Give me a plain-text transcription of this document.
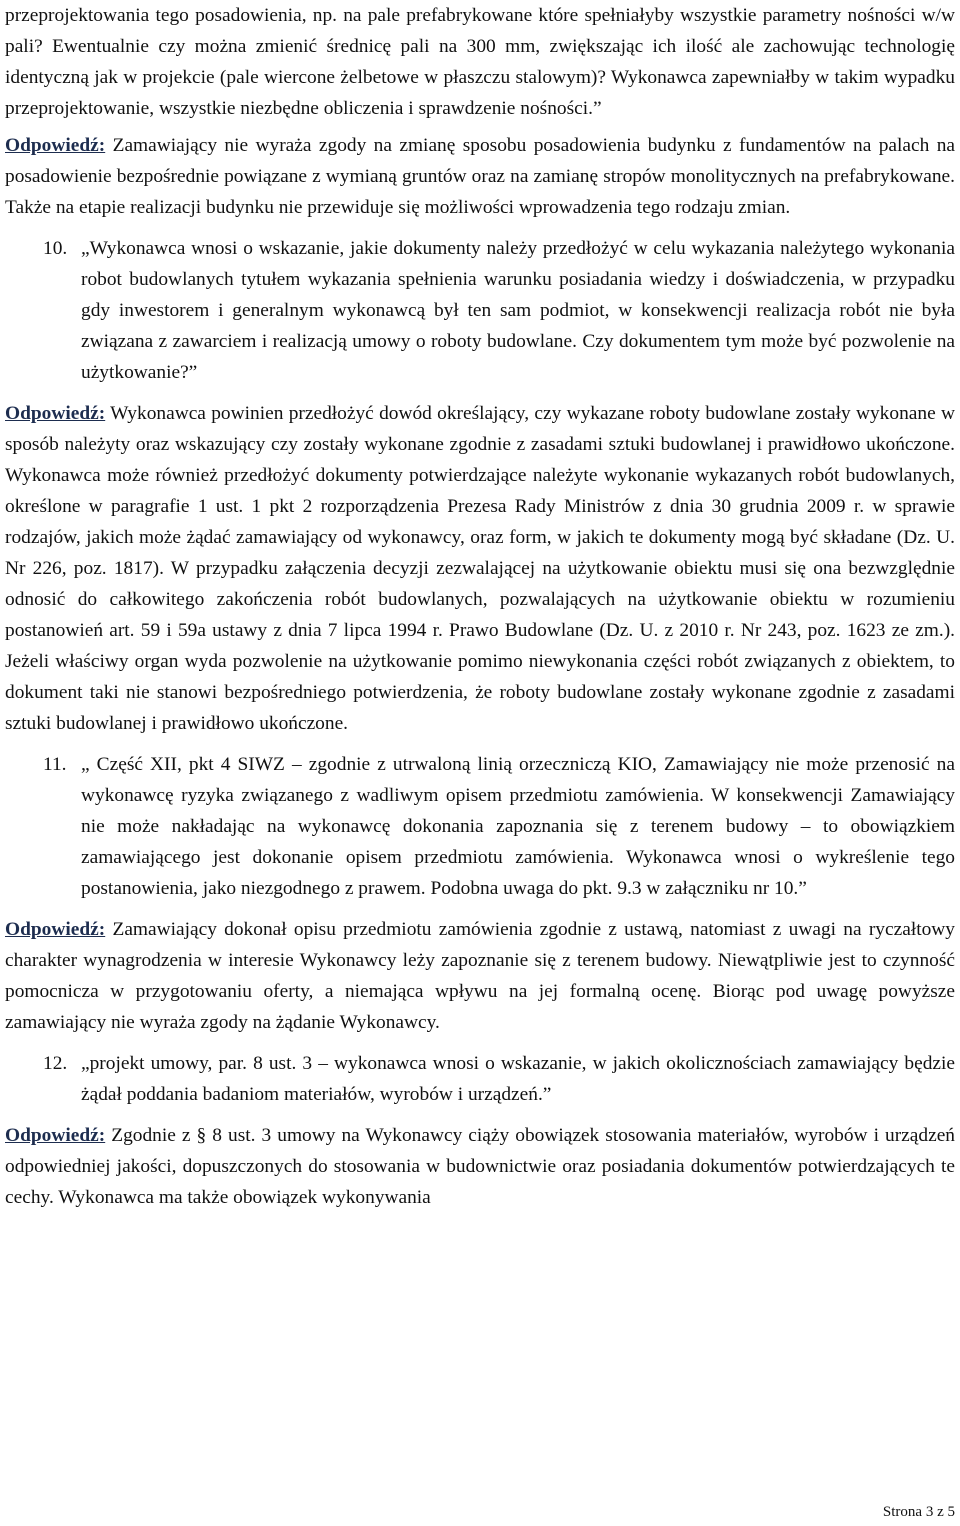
przeprojektowania tego posadowienia, np. na pale prefabrykowane które spełniałyby wszystkie parametry nośności w/w pali? Ewentualnie czy można zmienić średnicę pali na 300 mm, zwiększając ich ilość ale zachowując technologię identyczną jak w projekcie (pale wiercone żelbetowe w płaszczu stalowym)? Wykonawca zapewniałby w takim wypadku przeprojektowanie, wszystkie niezbędne obliczenia i sprawdzenie nośności.”

Odpowiedź: Zamawiający nie wyraża zgody na zmianę sposobu posadowienia budynku z fundamentów na palach na posadowienie bezpośrednie powiązane z wymianą gruntów oraz na zamianę stropów monolitycznych na prefabrykowane. Także na etapie realizacji budynku nie przewiduje się możliwości wprowadzenia tego rodzaju zmian.

10. „Wykonawca wnosi o wskazanie, jakie dokumenty należy przedłożyć w celu wykazania należytego wykonania robot budowlanych tytułem wykazania spełnienia warunku posiadania wiedzy i doświadczenia, w przypadku gdy inwestorem i generalnym wykonawcą był ten sam podmiot, w konsekwencji realizacja robót nie była związana z zawarciem i realizacją umowy o roboty budowlane. Czy dokumentem tym może być pozwolenie na użytkowanie?”

Odpowiedź: Wykonawca powinien przedłożyć dowód określający, czy wykazane roboty budowlane zostały wykonane w sposób należyty oraz wskazujący czy zostały wykonane zgodnie z zasadami sztuki budowlanej i prawidłowo ukończone. Wykonawca może również przedłożyć dokumenty potwierdzające należyte wykonanie wykazanych robót budowlanych, określone w paragrafie 1 ust. 1 pkt 2 rozporządzenia Prezesa Rady Ministrów z dnia 30 grudnia 2009 r. w sprawie rodzajów, jakich może żądać zamawiający od wykonawcy, oraz form, w jakich te dokumenty mogą być składane (Dz. U. Nr 226, poz. 1817). W przypadku załączenia decyzji zezwalającej na użytkowanie obiektu musi się ona bezwzględnie odnosić do całkowitego zakończenia robót budowlanych, pozwalających na użytkowanie obiektu w rozumieniu postanowień art. 59 i 59a ustawy z dnia 7 lipca 1994 r. Prawo Budowlane (Dz. U. z 2010 r. Nr 243, poz. 1623 ze zm.). Jeżeli właściwy organ wyda pozwolenie na użytkowanie pomimo niewykonania części robót związanych z obiektem, to dokument taki nie stanowi bezpośredniego potwierdzenia, że roboty budowlane zostały wykonane zgodnie z zasadami sztuki budowlanej i prawidłowo ukończone.

11. „ Część XII, pkt 4 SIWZ – zgodnie z utrwaloną linią orzeczniczą KIO, Zamawiający nie może przenosić na wykonawcę ryzyka związanego z wadliwym opisem przedmiotu zamówienia. W konsekwencji Zamawiający nie może nakładając na wykonawcę dokonania zapoznania się z terenem budowy – to obowiązkiem zamawiającego jest dokonanie opisem przedmiotu zamówienia. Wykonawca wnosi o wykreślenie tego postanowienia, jako niezgodnego z prawem. Podobna uwaga do pkt. 9.3 w załączniku nr 10.”

Odpowiedź: Zamawiający dokonał opisu przedmiotu zamówienia zgodnie z ustawą, natomiast z uwagi na ryczałtowy charakter wynagrodzenia w interesie Wykonawcy leży zapoznanie się z terenem budowy. Niewątpliwie jest to czynność pomocnicza w przygotowaniu oferty, a niemająca wpływu na jej formalną ocenę. Biorąc pod uwagę powyższe zamawiający nie wyraża zgody na żądanie Wykonawcy.

12. „projekt umowy, par. 8 ust. 3 – wykonawca wnosi o wskazanie, w jakich okolicznościach zamawiający będzie żądał poddania badaniom materiałów, wyrobów i urządzeń.”

Odpowiedź: Zgodnie z § 8 ust. 3 umowy na Wykonawcy ciąży obowiązek stosowania materiałów, wyrobów i urządzeń odpowiedniej jakości, dopuszczonych do stosowania w budownictwie oraz posiadania dokumentów potwierdzających te cechy. Wykonawca ma także obowiązek wykonywania

Strona 3 z 5
